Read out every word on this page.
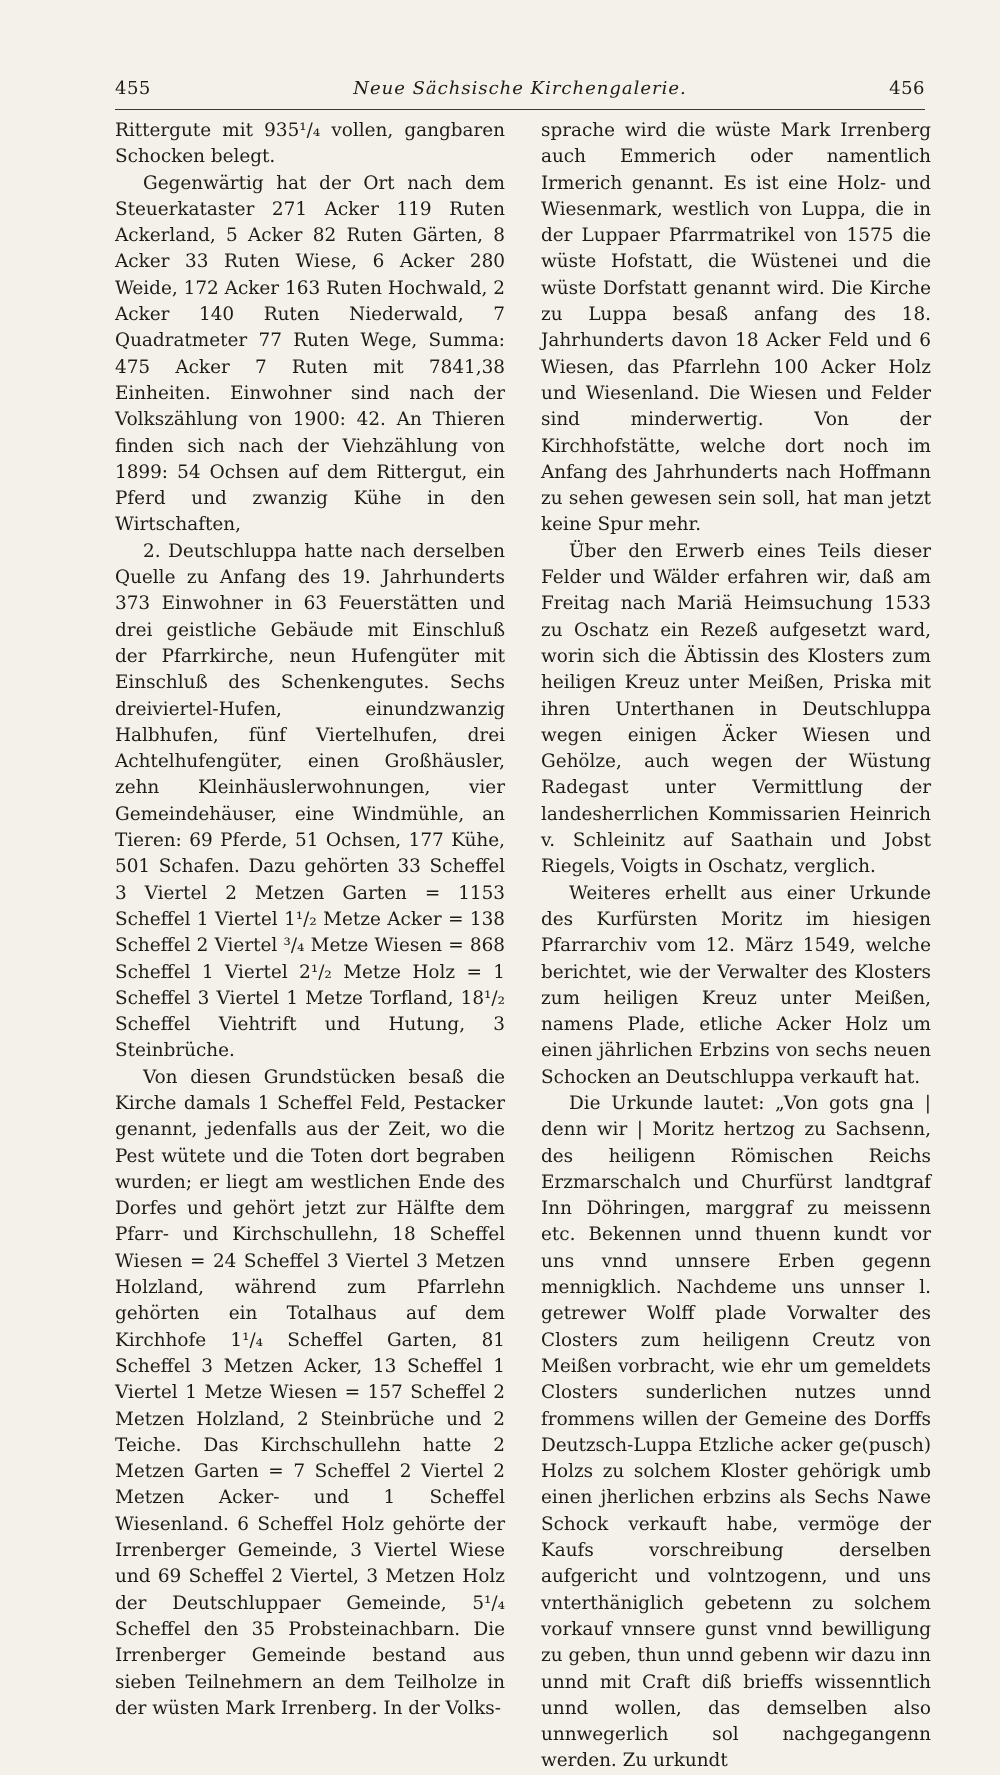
455	Neue Sächsische Kirchengalerie.	456

Rittergute mit 935¹/₄ vollen, gangbaren Schocken belegt.

Gegenwärtig hat der Ort nach dem Steuerkataster 271 Acker 119 Ruten Ackerland, 5 Acker 82 Ruten Gärten, 8 Acker 33 Ruten Wiese, 6 Acker 280 Weide, 172 Acker 163 Ruten Hochwald, 2 Acker 140 Ruten Niederwald, 7 Quadratmeter 77 Ruten Wege, Summa: 475 Acker 7 Ruten mit 7841,38 Einheiten. Einwohner sind nach der Volkszählung von 1900: 42. An Thieren finden sich nach der Viehzählung von 1899: 54 Ochsen auf dem Rittergut, ein Pferd und zwanzig Kühe in den Wirtschaften,

2. Deutschluppa hatte nach derselben Quelle zu Anfang des 19. Jahrhunderts 373 Einwohner in 63 Feuerstätten und drei geistliche Gebäude mit Einschluß der Pfarrkirche, neun Hufengüter mit Einschluß des Schenkengutes. Sechs dreiviertel-Hufen, einundzwanzig Halbhufen, fünf Viertelhufen, drei Achtelhufengüter, einen Großhäusler, zehn Kleinhäuslerwohnungen, vier Gemeindehäuser, eine Windmühle, an Tieren: 69 Pferde, 51 Ochsen, 177 Kühe, 501 Schafen. Dazu gehörten 33 Scheffel 3 Viertel 2 Metzen Garten = 1153 Scheffel 1 Viertel 1¹/₂ Metze Acker = 138 Scheffel 2 Viertel ³/₄ Metze Wiesen = 868 Scheffel 1 Viertel 2¹/₂ Metze Holz = 1 Scheffel 3 Viertel 1 Metze Torfland, 18¹/₂ Scheffel Viehtrift und Hutung, 3 Steinbrüche.

Von diesen Grundstücken besaß die Kirche damals 1 Scheffel Feld, Pestacker genannt, jedenfalls aus der Zeit, wo die Pest wütete und die Toten dort begraben wurden; er liegt am westlichen Ende des Dorfes und gehört jetzt zur Hälfte dem Pfarr- und Kirchschullehn, 18 Scheffel Wiesen = 24 Scheffel 3 Viertel 3 Metzen Holzland, während zum Pfarrlehn gehörten ein Totalhaus auf dem Kirchhofe 1¹/₄ Scheffel Garten, 81 Scheffel 3 Metzen Acker, 13 Scheffel 1 Viertel 1 Metze Wiesen = 157 Scheffel 2 Metzen Holzland, 2 Steinbrüche und 2 Teiche. Das Kirchschullehn hatte 2 Metzen Garten = 7 Scheffel 2 Viertel 2 Metzen Acker- und 1 Scheffel Wiesenland. 6 Scheffel Holz gehörte der Irrenberger Gemeinde, 3 Viertel Wiese und 69 Scheffel 2 Viertel, 3 Metzen Holz der Deutschluppaer Gemeinde, 5¹/₄ Scheffel den 35 Probsteinachbarn. Die Irrenberger Gemeinde bestand aus sieben Teilnehmern an dem Teilholze in der wüsten Mark Irrenberg. In der Volks-

sprache wird die wüste Mark Irrenberg auch Emmerich oder namentlich Irmerich genannt. Es ist eine Holz- und Wiesenmark, westlich von Luppa, die in der Luppaer Pfarrmatrikel von 1575 die wüste Hofstatt, die Wüstenei und die wüste Dorfstatt genannt wird. Die Kirche zu Luppa besaß anfang des 18. Jahrhunderts davon 18 Acker Feld und 6 Wiesen, das Pfarrlehn 100 Acker Holz und Wiesenland. Die Wiesen und Felder sind minderwertig. Von der Kirchhofstätte, welche dort noch im Anfang des Jahrhunderts nach Hoffmann zu sehen gewesen sein soll, hat man jetzt keine Spur mehr.

Über den Erwerb eines Teils dieser Felder und Wälder erfahren wir, daß am Freitag nach Mariä Heimsuchung 1533 zu Oschatz ein Rezeß aufgesetzt ward, worin sich die Äbtissin des Klosters zum heiligen Kreuz unter Meißen, Priska mit ihren Unterthanen in Deutschluppa wegen einigen Äcker Wiesen und Gehölze, auch wegen der Wüstung Radegast unter Vermittlung der landesherrlichen Kommissarien Heinrich v. Schleinitz auf Saathain und Jobst Riegels, Voigts in Oschatz, verglich.

Weiteres erhellt aus einer Urkunde des Kurfürsten Moritz im hiesigen Pfarrarchiv vom 12. März 1549, welche berichtet, wie der Verwalter des Klosters zum heiligen Kreuz unter Meißen, namens Plade, etliche Acker Holz um einen jährlichen Erbzins von sechs neuen Schocken an Deutschluppa verkauft hat.

Die Urkunde lautet: „Von gots gna | denn wir | Moritz hertzog zu Sachsenn, des heiligenn Römischen Reichs Erzmarschalch und Churfürst landtgraf Inn Döhringen, marggraf zu meissenn etc. Bekennen unnd thuenn kundt vor uns vnnd unnsere Erben gegenn mennigklich. Nachdeme uns unnser l. getrewer Wolff plade Vorwalter des Closters zum heiligenn Creutz von Meißen vorbracht, wie ehr um gemeldets Closters sunderlichen nutzes unnd frommens willen der Gemeine des Dorffs Deutzsch-Luppa Etzliche acker ge(pusch) Holzs zu solchem Kloster gehörigk umb einen jherlichen erbzins als Sechs Nawe Schock verkauft habe, vermöge der Kaufs vorschreibung derselben aufgericht und volntzogenn, und uns vnterthäniglich gebetenn zu solchem vorkauf vnnsere gunst vnnd bewilligung zu geben, thun unnd gebenn wir dazu inn unnd mit Craft diß brieffs wissenntlich unnd wollen, das demselben also unnwegerlich sol nachgegangenn werden. Zu urkundt
